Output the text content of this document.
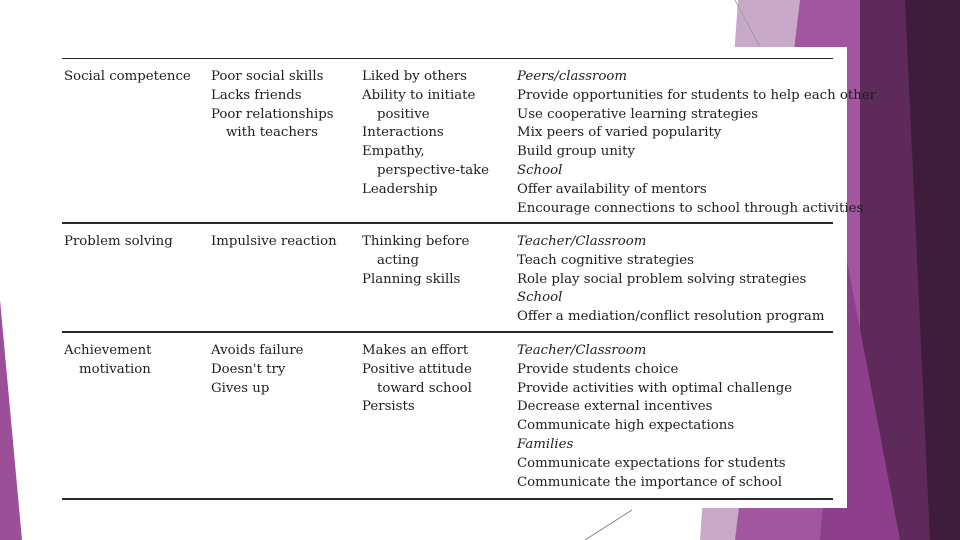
Social competence Poor social skills
Lacks friends
Poor relationships
with teachers
Liked by others
Ability to initiate
positive
Interactions
Empathy,
perspective-take
Leadership
Peers/classroom
Provide opportunities for students to help each other
Use cooperative learning strategies
Mix peers of varied popularity
Build group unity
School
Offer availability of mentors
Encourage connections to school through activities
Problem solving	Impulsive reaction Thinking before
acting
Planning skills
Teacher/Classroom
Teach cognitive strategies
Role play social problem solving strategies
School
Offer a mediation/conflict resolution program
Achievement
motivation
Avoids failure
Doesn't try
Gives up
Makes an effort
Positive attitude
toward school
Persists
Teacher/Classroom
Provide students choice
Provide activities with optimal challenge
Decrease external incentives
Communicate high expectations
Families
Communicate expectations for students
Communicate the importance of school
